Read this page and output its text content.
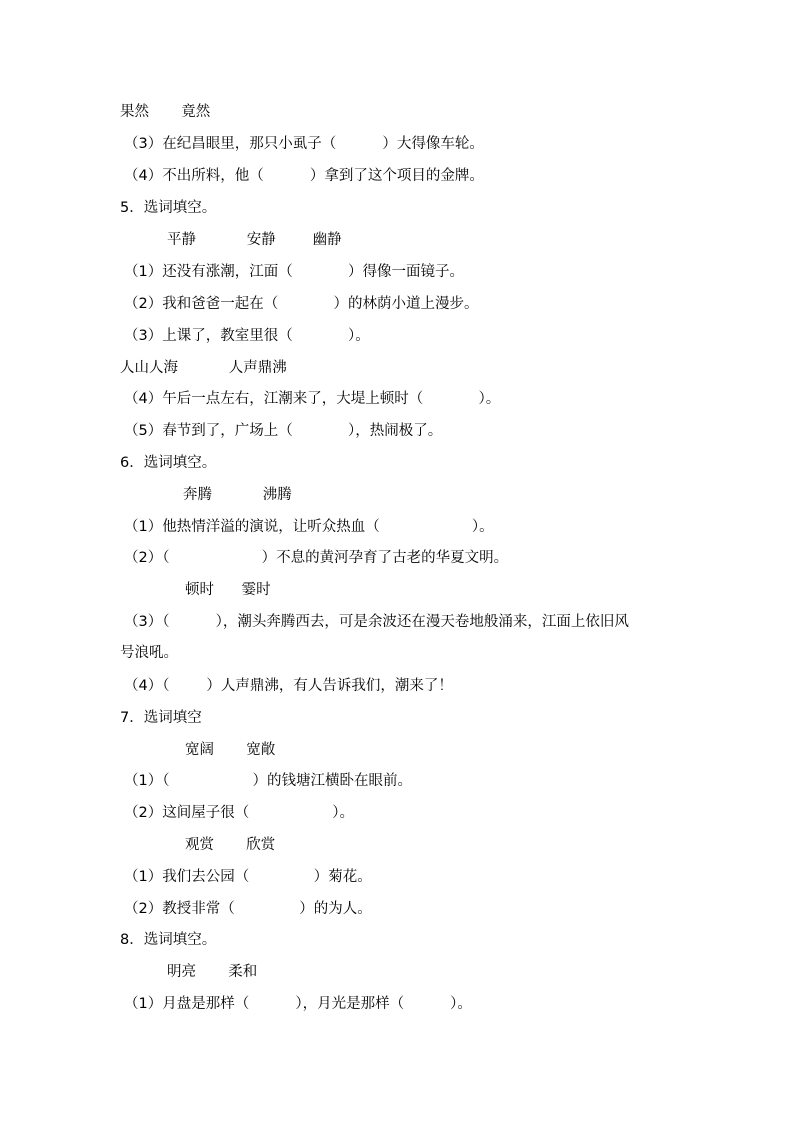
果然       竟然
（3）在纪昌眼里，那只小虱子（          ）大得像车轮。
（4）不出所料，他（          ）拿到了这个项目的金牌。
5．选词填空。
平静           安静        幽静
（1）还没有涨潮，江面（            ）得像一面镜子。
（2）我和爸爸一起在（            ）的林荫小道上漫步。
（3）上课了，教室里很（            ）。
人山人海           人声鼎沸
（4）午后一点左右，江潮来了，大堤上顿时（            ）。
（5）春节到了，广场上（            ），热闹极了。
6．选词填空。
奔腾           沸腾
（1）他热情洋溢的演说，让听众热血（                    ）。
（2）（                    ）不息的黄河孕育了古老的华夏文明。
顿时      霎时
（3）（          ），潮头奔腾西去，可是余波还在漫天卷地般涌来，江面上依旧风
号浪吼。
（4）（        ）人声鼎沸，有人告诉我们，潮来了！
7．选词填空
宽阔       宽敞
（1）（                  ）的钱塘江横卧在眼前。
（2）这间屋子很（                  ）。
观赏       欣赏
（1）我们去公园（              ）菊花。
（2）教授非常（              ）的为人。
8．选词填空。
明亮       柔和
（1）月盘是那样（          ），月光是那样（          ）。
